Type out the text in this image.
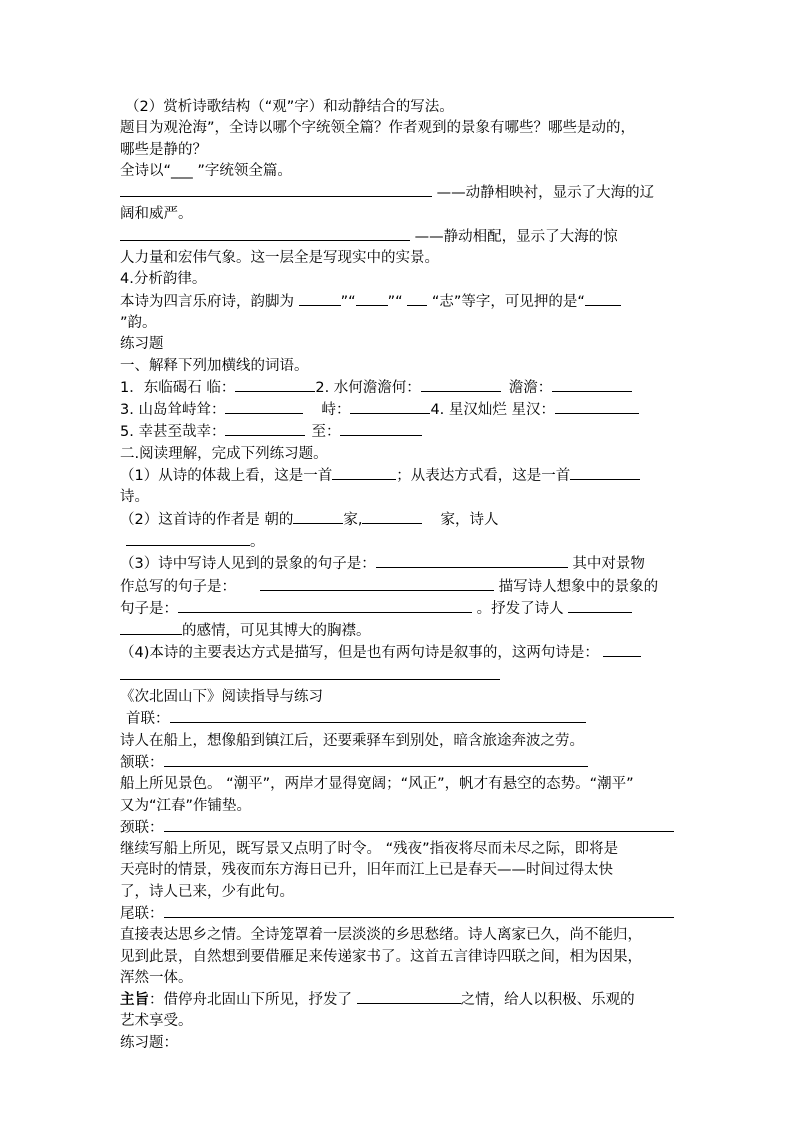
（2）赏析诗歌结构（“观”字）和动静结合的写法。
题目为观沧海”，全诗以哪个字统领全篇？作者观到的景象有哪些？哪些是动的，
哪些是静的？
全诗以“___ ”字统领全篇。
——动静相映衬，显示了大海的辽
阔和威严。
——静动相配，显示了大海的惊
人力量和宏伟气象。这一层全是写现实中的实景。
4.分析韵律。
本诗为四言乐府诗，韵脚为	”“ ”“  “志”等字，可见押的是“
”韵。
练习题
一、解释下列加横线的词语。
1．东临碣石 临：	2. 水何澹澹何：	澹澹：
3. 山岛耸峙耸：	峙：	4. 星汉灿烂 星汉：
5. 幸甚至哉幸：	至：
二.阅读理解，完成下列练习题。
（1）从诗的体裁上看，这是一首	；从表达方式看，这是一首
诗。
（2）这首诗的作者是 朝的	家,	家，诗人
。
（3）诗中写诗人见到的景象的句子是：	其中对景物
作总写的句子是：	描写诗人想象中的景象的
句子是：	。抒发了诗人
的感情，可见其博大的胸襟。
（4)本诗的主要表达方式是描写，但是也有两句诗是叙事的，这两句诗是：
《次北固山下》阅读指导与练习
首联：
诗人在船上，想像船到镇江后，还要乘驿车到别处，暗含旅途奔波之劳。
颔联：
船上所见景色。 “潮平”，两岸才显得宽阔；“风正”，帆才有悬空的态势。“潮平”
又为“江春”作铺垫。
颈联：
继续写船上所见，既写景又点明了时令。 “残夜”指夜将尽而未尽之际，即将是
天亮时的情景，残夜而东方海日已升，旧年而江上已是春天——时间过得太快
了，诗人已来，少有此句。
尾联：
直接表达思乡之情。全诗笼罩着一层淡淡的乡思愁绪。诗人离家已久，尚不能归，
见到此景，自然想到要借雁足来传递家书了。这首五言律诗四联之间，相为因果，
浑然一体。
主旨：借停舟北固山下所见，抒发了	之情，给人以积极、乐观的
艺术享受。
练习题：
